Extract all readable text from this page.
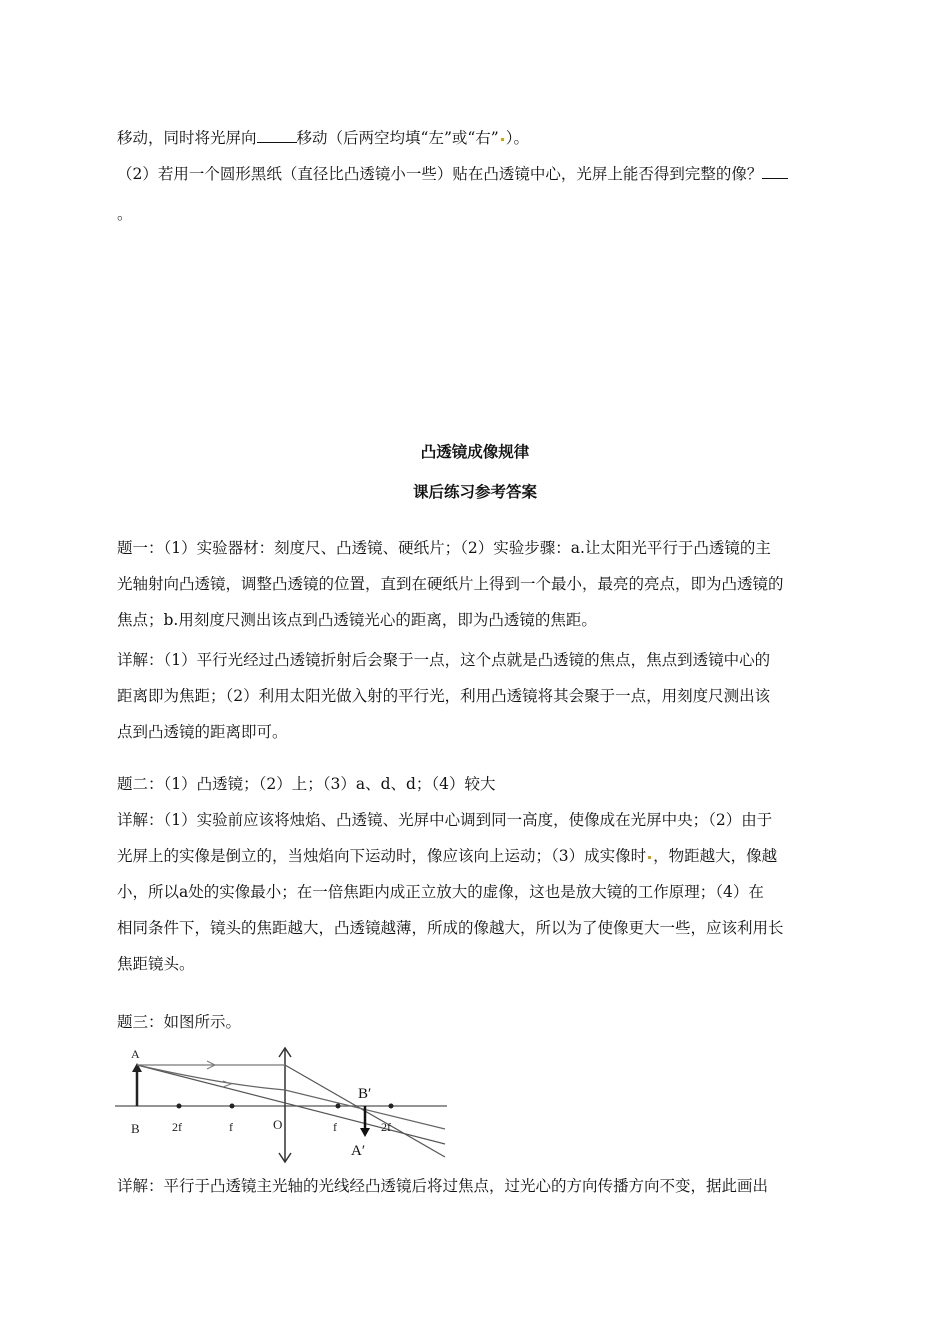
移动，同时将光屏向	移动（后两空均填“左”或“右” ）。
（2）若用一个圆形黑纸（直径比凸透镜小一些）贴在凸透镜中心，光屏上能否得到完整的像？
。
凸透镜成像规律
课后练习参考答案
题一：（1）实验器材：刻度尺、凸透镜、硬纸片；（2）实验步骤：a.让太阳光平行于凸透镜的主
光轴射向凸透镜，调整凸透镜的位置，直到在硬纸片上得到一个最小，最亮的亮点，即为凸透镜的
焦点；b.用刻度尺测出该点到凸透镜光心的距离，即为凸透镜的焦距。
详解：（1）平行光经过凸透镜折射后会聚于一点，这个点就是凸透镜的焦点，焦点到透镜中心的
距离即为焦距；（2）利用太阳光做入射的平行光，利用凸透镜将其会聚于一点，用刻度尺测出该
点到凸透镜的距离即可。
题二：（1）凸透镜；（2）上；（3）a、d、d；（4）较大
详解：（1）实验前应该将烛焰、凸透镜、光屏中心调到同一高度，使像成在光屏中央；（2）由于
光屏上的实像是倒立的，当烛焰向下运动时，像应该向上运动；（3）成实像时 ，物距越大，像越
小，所以a处的实像最小；在一倍焦距内成正立放大的虚像，这也是放大镜的工作原理；（4）在
相同条件下，镜头的焦距越大，凸透镜越薄，所成的像越大，所以为了使像更大一些，应该利用长
焦距镜头。
题三：如图所示。
A
B	2f	f	O	f	2f
B′
A′
详解：平行于凸透镜主光轴的光线经凸透镜后将过焦点，过光心的方向传播方向不变，据此画出
